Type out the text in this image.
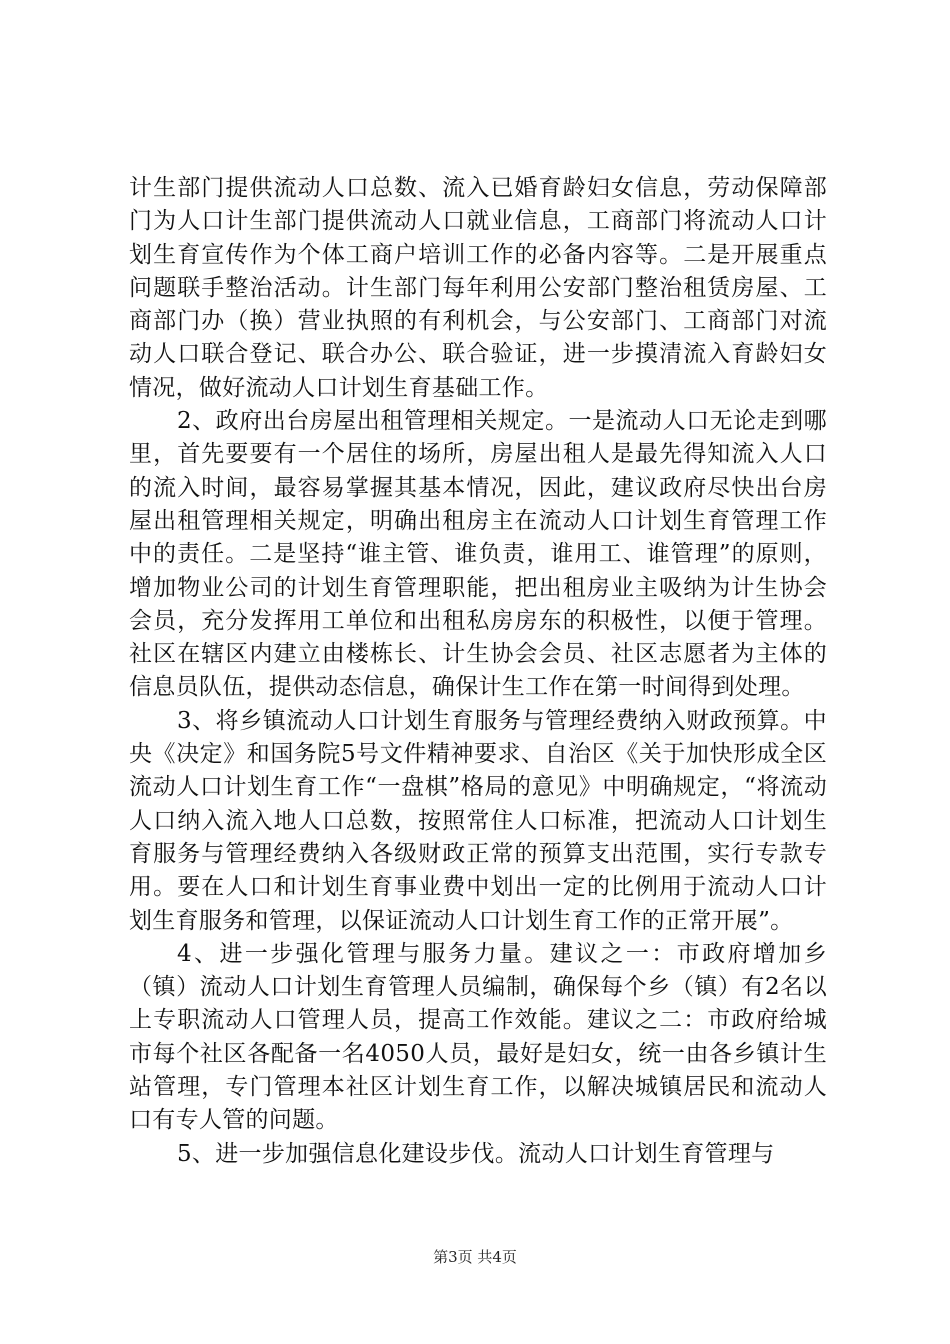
计生部门提供流动人口总数、流入已婚育龄妇女信息，劳动保障部门为人口计生部门提供流动人口就业信息，工商部门将流动人口计划生育宣传作为个体工商户培训工作的必备内容等。二是开展重点问题联手整治活动。计生部门每年利用公安部门整治租赁房屋、工商部门办（换）营业执照的有利机会，与公安部门、工商部门对流动人口联合登记、联合办公、联合验证，进一步摸清流入育龄妇女情况，做好流动人口计划生育基础工作。

2、政府出台房屋出租管理相关规定。一是流动人口无论走到哪里，首先要要有一个居住的场所，房屋出租人是最先得知流入人口的流入时间，最容易掌握其基本情况，因此，建议政府尽快出台房屋出租管理相关规定，明确出租房主在流动人口计划生育管理工作中的责任。二是坚持“谁主管、谁负责，谁用工、谁管理”的原则，增加物业公司的计划生育管理职能，把出租房业主吸纳为计生协会会员，充分发挥用工单位和出租私房房东的积极性，以便于管理。社区在辖区内建立由楼栋长、计生协会会员、社区志愿者为主体的信息员队伍，提供动态信息，确保计生工作在第一时间得到处理。

3、将乡镇流动人口计划生育服务与管理经费纳入财政预算。中央《决定》和国务院5号文件精神要求、自治区《关于加快形成全区流动人口计划生育工作“一盘棋”格局的意见》中明确规定，“将流动人口纳入流入地人口总数，按照常住人口标准，把流动人口计划生育服务与管理经费纳入各级财政正常的预算支出范围，实行专款专用。要在人口和计划生育事业费中划出一定的比例用于流动人口计划生育服务和管理，以保证流动人口计划生育工作的正常开展”。

4、进一步强化管理与服务力量。建议之一：市政府增加乡（镇）流动人口计划生育管理人员编制，确保每个乡（镇）有2名以上专职流动人口管理人员，提高工作效能。建议之二：市政府给城市每个社区各配备一名4050人员，最好是妇女，统一由各乡镇计生站管理，专门管理本社区计划生育工作，以解决城镇居民和流动人口有专人管的问题。

5、进一步加强信息化建设步伐。流动人口计划生育管理与

第3页 共4页
